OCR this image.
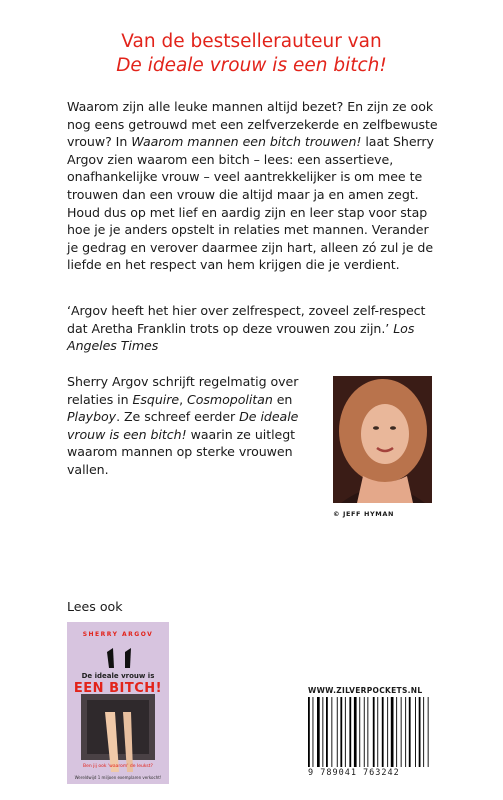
Van de bestsellerauteur van
De ideale vrouw is een bitch!
Waarom zijn alle leuke mannen altijd bezet? En zijn ze ook nog eens getrouwd met een zelfverzekerde en zelfbewuste vrouw? In Waarom mannen een bitch trouwen! laat Sherry Argov zien waarom een bitch – lees: een assertieve, onafhankelijke vrouw – veel aantrekkelijker is om mee te trouwen dan een vrouw die altijd maar ja en amen zegt. Houd dus op met lief en aardig zijn en leer stap voor stap hoe je je anders opstelt in relaties met mannen. Verander je gedrag en verover daarmee zijn hart, alleen zó zul je de liefde en het respect van hem krijgen die je verdient.
‘Argov heeft het hier over zelfrespect, zoveel zelf-respect dat Aretha Franklin trots op deze vrouwen zou zijn.’ Los Angeles Times
Sherry Argov schrijft regelmatig over relaties in Esquire, Cosmopolitan en Playboy. Ze schreef eerder De ideale vrouw is een bitch! waarin ze uitlegt waarom mannen op sterke vrouwen vallen.
© JEFF HYMAN
Lees ook
SHERRY ARGOV
De ideale vrouw is
EEN BITCH!
Ben jij ook 'waarom' de leukst?
Wereldwijd 1 miljoen exemplaren verkocht!
WWW.ZILVERPOCKETS.NL
9 789041 763242
